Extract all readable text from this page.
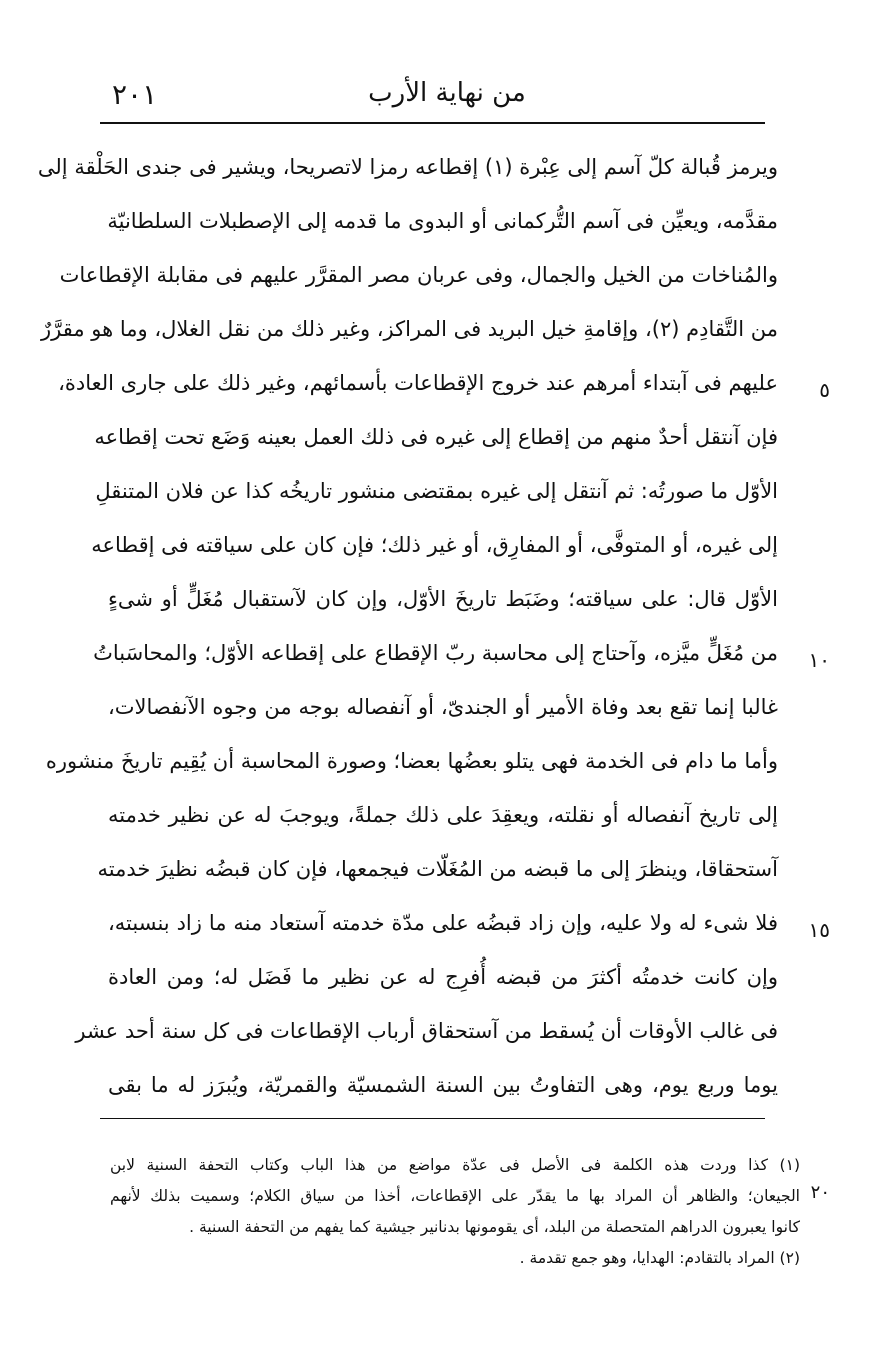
٢٠١	من نهاية الأرب
ويرمز قُبالة كلّ آسم إلى عِبْرة (١) إقطاعه رمزا لاتصريحا، ويشير فى جندى الحَلْقة إلى
مقدَّمه، ويعيِّن فى آسم التُّركمانى أو البدوى ما قدمه إلى الإصطبلات السلطانيّة
والمُناخات من الخيل والجمال، وفى عربان مصر المقرَّر عليهم فى مقابلة الإقطاعات
من التَّقادِم (٢)، وإقامةِ خيل البريد فى المراكز، وغير ذلك من نقل الغلال، وما هو مقرَّرٌ
عليهم فى آبتداء أمرهم عند خروج الإقطاعات بأسمائهم، وغير ذلك على جارى العادة،
فإن آنتقل أحدٌ منهم من إقطاع إلى غيره فى ذلك العمل بعينه وَضَع تحت إقطاعه
الأوّل ما صورتُه: ثم آنتقل إلى غيره بمقتضى منشور تاريخُه كذا عن فلان المتنقلِ
إلى غيره، أو المتوفَّى، أو المفارِق، أو غير ذلك؛ فإن كان على سياقته فى إقطاعه
الأوّل قال: على سياقته؛ وضَبَط تاريخَ الأوّل، وإن كان لآستقبال مُغَلٍّ أو شىءٍ
من مُغَلٍّ ميَّزه، وآحتاج إلى محاسبة ربّ الإقطاع على إقطاعه الأوّل؛ والمحاسَباتُ
غالبا إنما تقع بعد وفاة الأمير أو الجندىّ، أو آنفصاله بوجه من وجوه الآنفصالات،
وأما ما دام فى الخدمة فهى يتلو بعضُها بعضا؛ وصورة المحاسبة أن يُقِيم تاريخَ منشوره
إلى تاريخ آنفصاله أو نقلته، ويعقِدَ على ذلك جملةً، ويوجبَ له عن نظير خدمته
آستحقاقا، وينظرَ إلى ما قبضه من المُغَلّات فيجمعها، فإن كان قبضُه نظيرَ خدمته
فلا شىء له ولا عليه، وإن زاد قبضُه على مدّة خدمته آستعاد منه ما زاد بنسبته،
وإن كانت خدمتُه أكثرَ من قبضه أُفرِج له عن نظير ما فَضَل له؛ ومن العادة
فى غالب الأوقات أن يُسقط من آستحقاق أرباب الإقطاعات فى كل سنة أحد عشر
يوما وربع يوم، وهى التفاوتُ بين السنة الشمسيّة والقمريّة، ويُبرَز له ما بقى
٥
١٠
١٥
(١) كذا وردت هذه الكلمة فى الأصل فى عدّة مواضع من هذا الباب وكتاب التحفة السنية لابن
الجيعان؛ والظاهر أن المراد بها ما يقدّر على الإقطاعات، أخذا من سياق الكلام؛ وسميت بذلك لأنهم
كانوا يعبرون الدراهم المتحصلة من البلد، أى يقومونها بدنانير جيشية كما يفهم من التحفة السنية .
(٢) المراد بالتقادم: الهدايا، وهو جمع تقدمة .
٢٠
